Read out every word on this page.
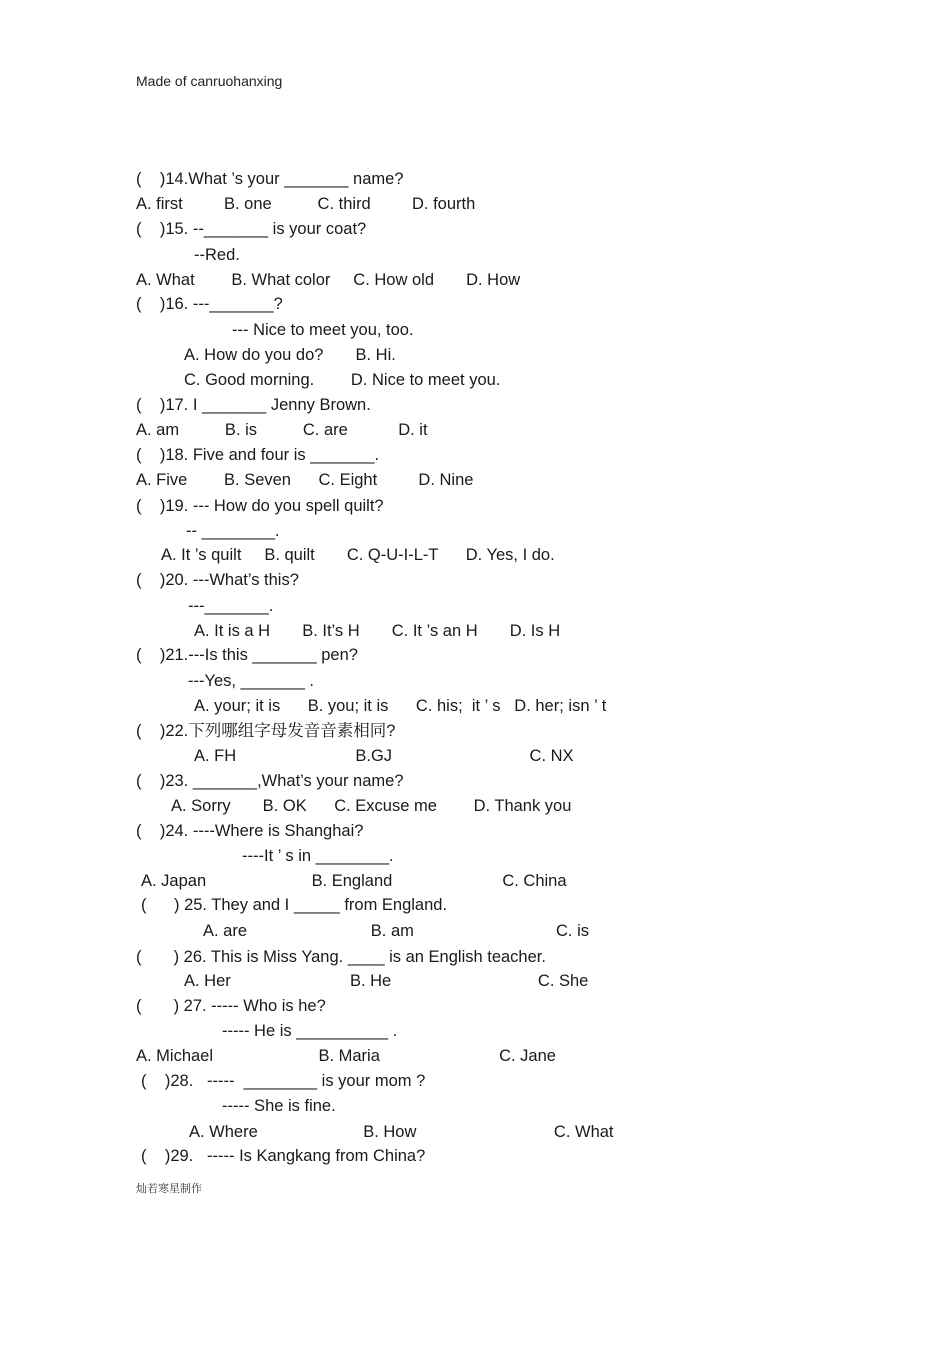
Made of canruohanxing
(    )14.What ’s your _______ name?
A. first         B. one          C. third         D. fourth
(    )15. --_______ is your coat?
--Red.
A. What        B. What color     C. How old       D. How
(    )16. ---_______?
--- Nice to meet you, too.
A. How do you do?       B. Hi.
C. Good morning.        D. Nice to meet you.
(    )17. I _______ Jenny Brown.
A. am          B. is          C. are           D. it
(    )18. Five and four is _______.
A. Five        B. Seven      C. Eight         D. Nine
(    )19. --- How do you spell quilt?
-- ________.
A. It ’s quilt     B. quilt       C. Q-U-I-L-T      D. Yes, I do.
(    )20. ---What’s this?
---_______.
A. It is a H       B. It’s H       C. It ’s an H       D. Is H
(    )21.---Is this _______ pen?
---Yes, _______ .
A. your; it is      B. you; it is      C. his;  it ’ s   D. her; isn ’ t
(    )22.下列哪组字母发音音素相同?
A. FH                          B.GJ                              C. NX
(    )23. _______,What’s your name?
A. Sorry       B. OK      C. Excuse me        D. Thank you
(    )24. ----Where is Shanghai?
----It ’ s in ________.
A. Japan                       B. England                        C. China
(      ) 25. They and I _____ from England.
A. are                           B. am                               C. is
(       ) 26. This is Miss Yang. ____ is an English teacher.
A. Her                          B. He                                C. She
(       ) 27. ----- Who is he?
----- He is __________ .
A. Michael                       B. Maria                          C. Jane
(    )28.   -----  ________ is your mom ?
----- She is fine.
A. Where                       B. How                              C. What
(    )29.   ----- Is Kangkang from China?
灿若寒星制作
